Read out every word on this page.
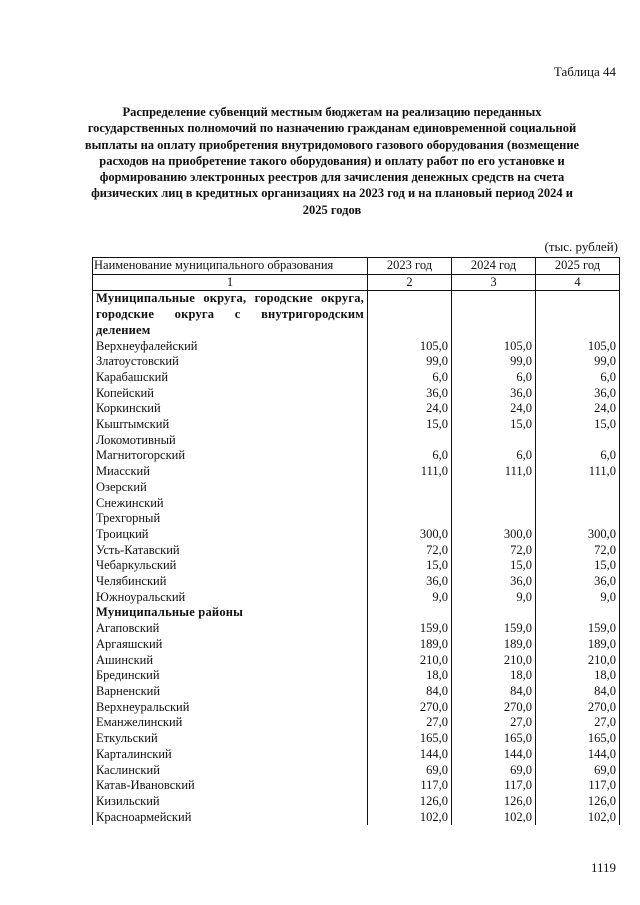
Таблица 44
Распределение субвенций местным бюджетам на реализацию переданных государственных полномочий по назначению гражданам единовременной социальной выплаты на оплату приобретения внутридомового газового оборудования (возмещение расходов на приобретение такого оборудования) и оплату работ по его установке и формированию электронных реестров для зачисления денежных средств на счета физических лиц в кредитных организациях на 2023 год и на плановый период 2024 и 2025 годов
(тыс. рублей)
Наименование муниципального образования	2023 год	2024 год	2025 год
1	2	3	4
Муниципальные округа, городские округа, городские округа с внутригородским делением			
Верхнеуфалейский	105,0	105,0	105,0
Златоустовский	99,0	99,0	99,0
Карабашский	6,0	6,0	6,0
Копейский	36,0	36,0	36,0
Коркинский	24,0	24,0	24,0
Кыштымский	15,0	15,0	15,0
Локомотивный			
Магнитогорский	6,0	6,0	6,0
Миасский	111,0	111,0	111,0
Озерский			
Снежинский			
Трехгорный			
Троицкий	300,0	300,0	300,0
Усть-Катавский	72,0	72,0	72,0
Чебаркульский	15,0	15,0	15,0
Челябинский	36,0	36,0	36,0
Южноуральский	9,0	9,0	9,0
Муниципальные районы			
Агаповский	159,0	159,0	159,0
Аргаяшский	189,0	189,0	189,0
Ашинский	210,0	210,0	210,0
Брединский	18,0	18,0	18,0
Варненский	84,0	84,0	84,0
Верхнеуральский	270,0	270,0	270,0
Еманжелинский	27,0	27,0	27,0
Еткульский	165,0	165,0	165,0
Карталинский	144,0	144,0	144,0
Каслинский	69,0	69,0	69,0
Катав-Ивановский	117,0	117,0	117,0
Кизильский	126,0	126,0	126,0
Красноармейский	102,0	102,0	102,0
1119
